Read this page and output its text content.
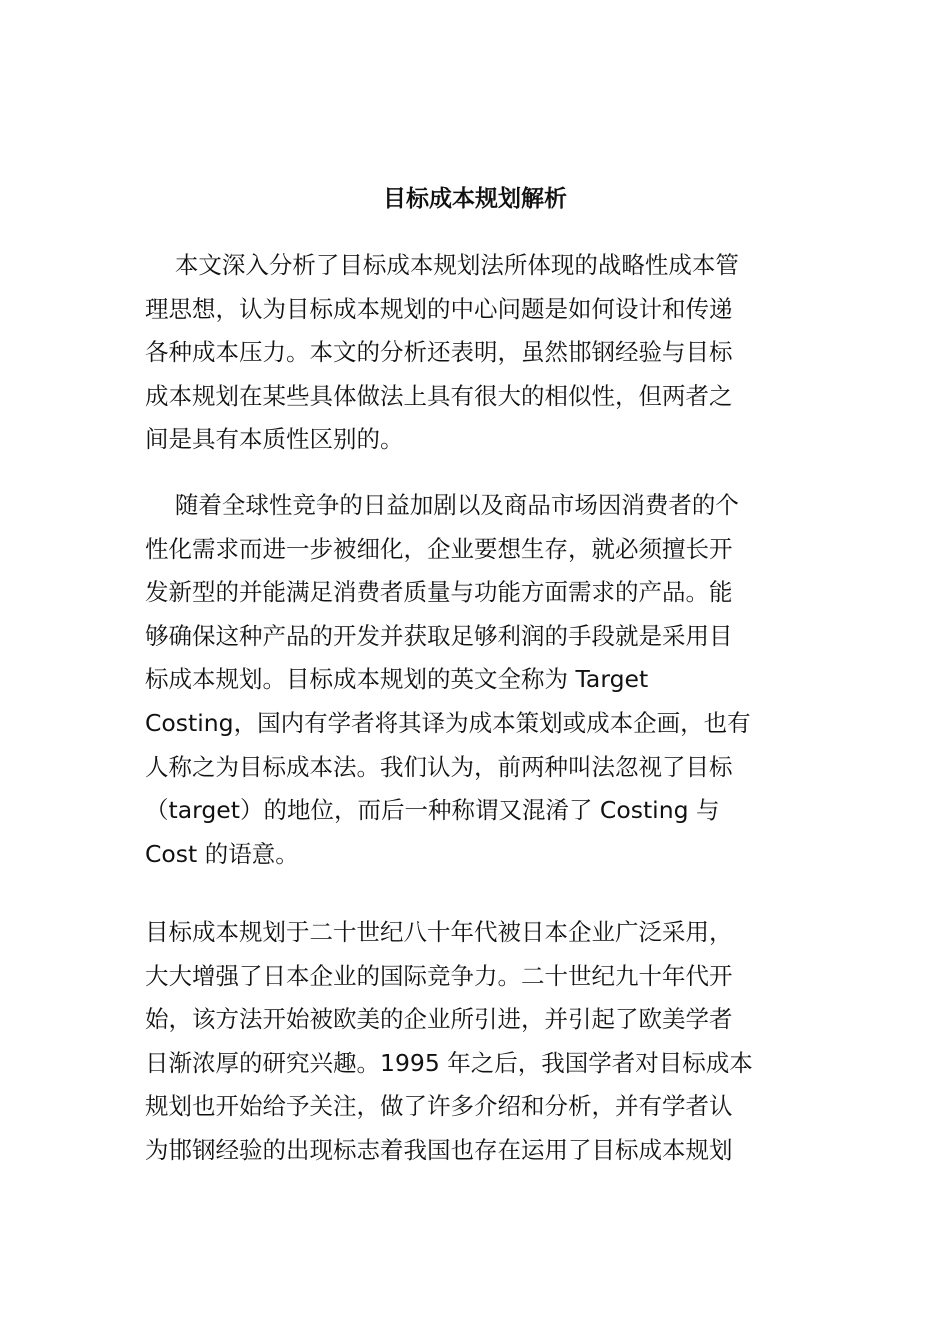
目标成本规划解析

本文深入分析了目标成本规划法所体现的战略性成本管
理思想，认为目标成本规划的中心问题是如何设计和传递
各种成本压力。本文的分析还表明，虽然邯钢经验与目标
成本规划在某些具体做法上具有很大的相似性，但两者之
间是具有本质性区别的。

随着全球性竞争的日益加剧以及商品市场因消费者的个
性化需求而进一步被细化，企业要想生存，就必须擅长开
发新型的并能满足消费者质量与功能方面需求的产品。能
够确保这种产品的开发并获取足够利润的手段就是采用目
标成本规划。目标成本规划的英文全称为 Target
Costing，国内有学者将其译为成本策划或成本企画，也有
人称之为目标成本法。我们认为，前两种叫法忽视了目标
（target）的地位，而后一种称谓又混淆了 Costing 与
Cost 的语意。

目标成本规划于二十世纪八十年代被日本企业广泛采用，
大大增强了日本企业的国际竞争力。二十世纪九十年代开
始，该方法开始被欧美的企业所引进，并引起了欧美学者
日渐浓厚的研究兴趣。1995 年之后，我国学者对目标成本
规划也开始给予关注，做了许多介绍和分析，并有学者认
为邯钢经验的出现标志着我国也存在运用了目标成本规划
